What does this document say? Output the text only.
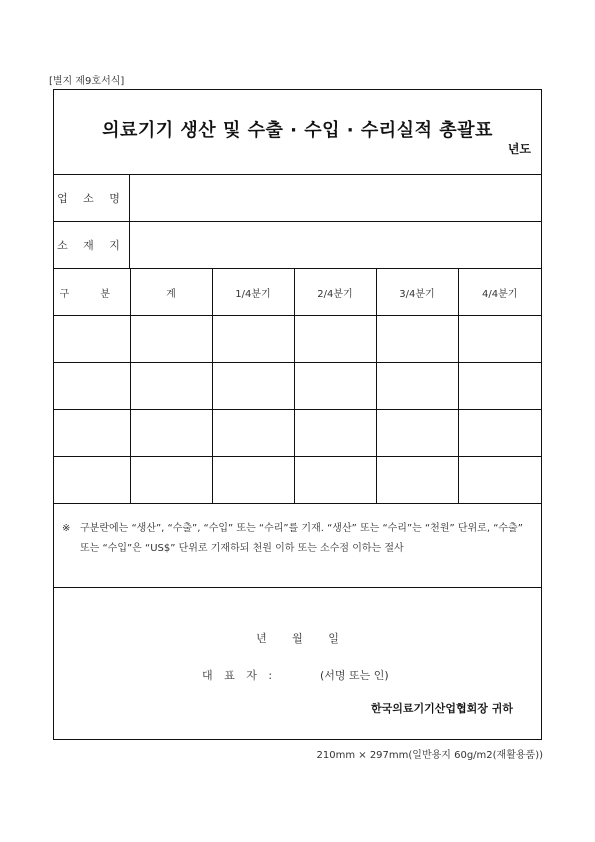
[별지 제9호서식]
의료기기 생산 및 수출 · 수입 · 수리실적 총괄표
년도
업 소 명
소 재 지
구 분	계	1/4분기	2/4분기	3/4분기	4/4분기

※ 구분란에는 “생산”, “수출”, “수입” 또는 “수리”를 기재. “생산” 또는 “수리”는 “천원” 단위로, “수출” 또는 “수입”은 “US$” 단위로 기재하되 천원 이하 또는 소수점 이하는 절사
년 월 일
대 표 자 :	(서명 또는 인)
한국의료기기산업협회장 귀하
210mm × 297mm(일반용지 60g/m2(재활용품))
